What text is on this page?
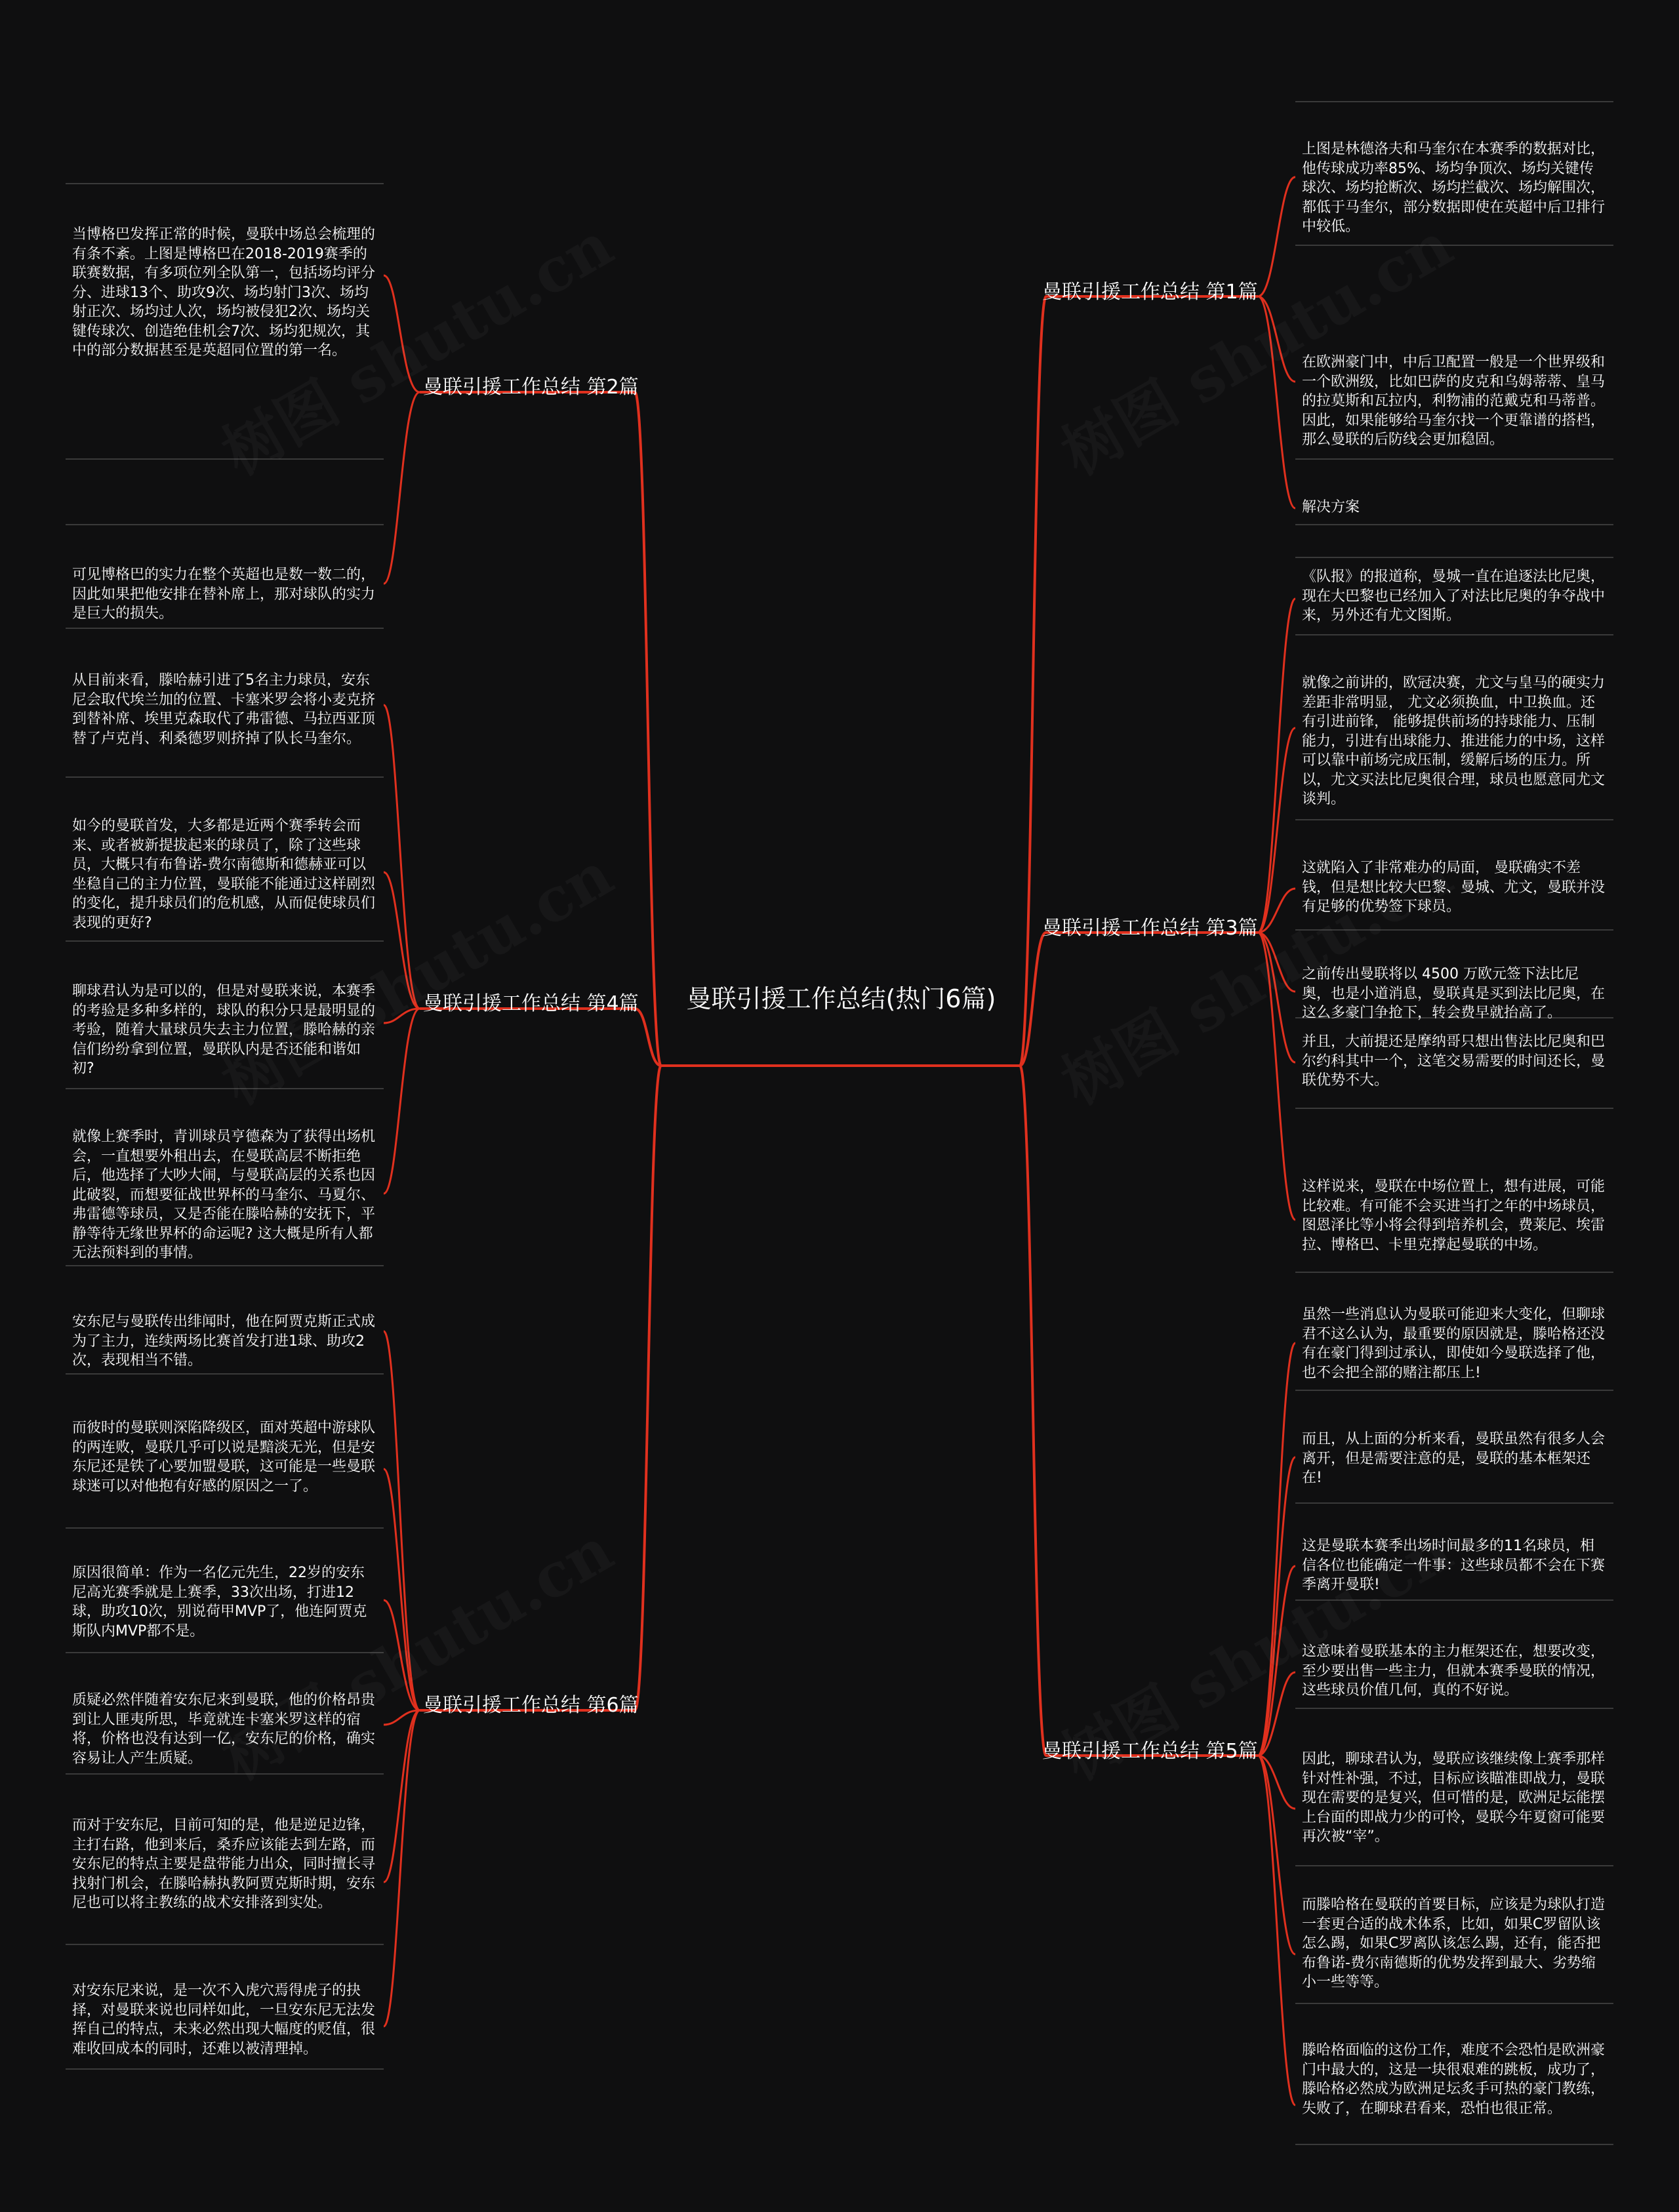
曼联引援工作总结(热门6篇)
曼联引援工作总结 第1篇
曼联引援工作总结 第2篇
曼联引援工作总结 第3篇
曼联引援工作总结 第4篇
曼联引援工作总结 第5篇
曼联引援工作总结 第6篇

上图是林德洛夫和马奎尔在本赛季的数据对比，他传球成功率85%、场均争顶次、场均关键传球次、场均抢断次、场均拦截次、场均解围次，都低于马奎尔，部分数据即使在英超中后卫排行中较低。

在欧洲豪门中，中后卫配置一般是一个世界级和一个欧洲级，比如巴萨的皮克和乌姆蒂蒂、皇马的拉莫斯和瓦拉内，利物浦的范戴克和马蒂普。因此，如果能够给马奎尔找一个更靠谱的搭档，那么曼联的后防线会更加稳固。

解决方案

当博格巴发挥正常的时候，曼联中场总会梳理的有条不紊。上图是博格巴在2018-2019赛季的联赛数据，有多项位列全队第一，包括场均评分分、进球13个、助攻9次、场均射门3次、场均射正次、场均过人次，场均被侵犯2次、场均关键传球次、创造绝佳机会7次、场均犯规次，其中的部分数据甚至是英超同位置的第一名。

可见博格巴的实力在整个英超也是数一数二的，因此如果把他安排在替补席上，那对球队的实力是巨大的损失。

《队报》的报道称，曼城一直在追逐法比尼奥，现在大巴黎也已经加入了对法比尼奥的争夺战中来，另外还有尤文图斯。

就像之前讲的，欧冠决赛，尤文与皇马的硬实力差距非常明显， 尤文必须换血，中卫换血。还有引进前锋， 能够提供前场的持球能力、压制能力，引进有出球能力、推进能力的中场，这样可以靠中前场完成压制，缓解后场的压力。所以，尤文买法比尼奥很合理，球员也愿意同尤文谈判。

这就陷入了非常难办的局面， 曼联确实不差钱，但是想比较大巴黎、曼城、尤文，曼联并没有足够的优势签下球员。

之前传出曼联将以 4500 万欧元签下法比尼奥，也是小道消息，曼联真是买到法比尼奥，在这么多豪门争抢下，转会费早就抬高了。

并且，大前提还是摩纳哥只想出售法比尼奥和巴尔约科其中一个，这笔交易需要的时间还长，曼联优势不大。

这样说来，曼联在中场位置上，想有进展，可能比较难。有可能不会买进当打之年的中场球员，图恩泽比等小将会得到培养机会，费莱尼、埃雷拉、博格巴、卡里克撑起曼联的中场。

从目前来看，滕哈赫引进了5名主力球员，安东尼会取代埃兰加的位置、卡塞米罗会将小麦克挤到替补席、埃里克森取代了弗雷德、马拉西亚顶替了卢克肖、利桑德罗则挤掉了队长马奎尔。

如今的曼联首发，大多都是近两个赛季转会而来、或者被新提拔起来的球员了，除了这些球员，大概只有布鲁诺-费尔南德斯和德赫亚可以坐稳自己的主力位置，曼联能不能通过这样剧烈的变化，提升球员们的危机感，从而促使球员们表现的更好?

聊球君认为是可以的，但是对曼联来说，本赛季的考验是多种多样的，球队的积分只是最明显的考验，随着大量球员失去主力位置，滕哈赫的亲信们纷纷拿到位置，曼联队内是否还能和谐如初?

就像上赛季时，青训球员亨德森为了获得出场机会，一直想要外租出去，在曼联高层不断拒绝后，他选择了大吵大闹，与曼联高层的关系也因此破裂，而想要征战世界杯的马奎尔、马夏尔、弗雷德等球员，又是否能在滕哈赫的安抚下，平静等待无缘世界杯的命运呢? 这大概是所有人都无法预料到的事情。

虽然一些消息认为曼联可能迎来大变化，但聊球君不这么认为，最重要的原因就是，滕哈格还没有在豪门得到过承认，即使如今曼联选择了他，也不会把全部的赌注都压上!

而且，从上面的分析来看，曼联虽然有很多人会离开，但是需要注意的是，曼联的基本框架还在!

这是曼联本赛季出场时间最多的11名球员，相信各位也能确定一件事：这些球员都不会在下赛季离开曼联!

这意味着曼联基本的主力框架还在，想要改变，至少要出售一些主力，但就本赛季曼联的情况，这些球员价值几何，真的不好说。

因此，聊球君认为，曼联应该继续像上赛季那样针对性补强，不过，目标应该瞄准即战力，曼联现在需要的是复兴，但可惜的是，欧洲足坛能摆上台面的即战力少的可怜，曼联今年夏窗可能要再次被“宰”。

而滕哈格在曼联的首要目标，应该是为球队打造一套更合适的战术体系，比如，如果C罗留队该怎么踢，如果C罗离队该怎么踢，还有，能否把布鲁诺-费尔南德斯的优势发挥到最大、劣势缩小一些等等。

滕哈格面临的这份工作，难度不会恐怕是欧洲豪门中最大的，这是一块很艰难的跳板，成功了，滕哈格必然成为欧洲足坛炙手可热的豪门教练，失败了，在聊球君看来，恐怕也很正常。

安东尼与曼联传出绯闻时，他在阿贾克斯正式成为了主力，连续两场比赛首发打进1球、助攻2次，表现相当不错。

而彼时的曼联则深陷降级区，面对英超中游球队的两连败，曼联几乎可以说是黯淡无光，但是安东尼还是铁了心要加盟曼联，这可能是一些曼联球迷可以对他抱有好感的原因之一了。

原因很简单：作为一名亿元先生，22岁的安东尼高光赛季就是上赛季，33次出场，打进12球，助攻10次，别说荷甲MVP了，他连阿贾克斯队内MVP都不是。

质疑必然伴随着安东尼来到曼联，他的价格昂贵到让人匪夷所思，毕竟就连卡塞米罗这样的宿将，价格也没有达到一亿，安东尼的价格，确实容易让人产生质疑。

而对于安东尼，目前可知的是，他是逆足边锋，主打右路，他到来后，桑乔应该能去到左路，而安东尼的特点主要是盘带能力出众，同时擅长寻找射门机会，在滕哈赫执教阿贾克斯时期，安东尼也可以将主教练的战术安排落到实处。

对安东尼来说，是一次不入虎穴焉得虎子的抉择，对曼联来说也同样如此，一旦安东尼无法发挥自己的特点，未来必然出现大幅度的贬值，很难收回成本的同时，还难以被清理掉。
